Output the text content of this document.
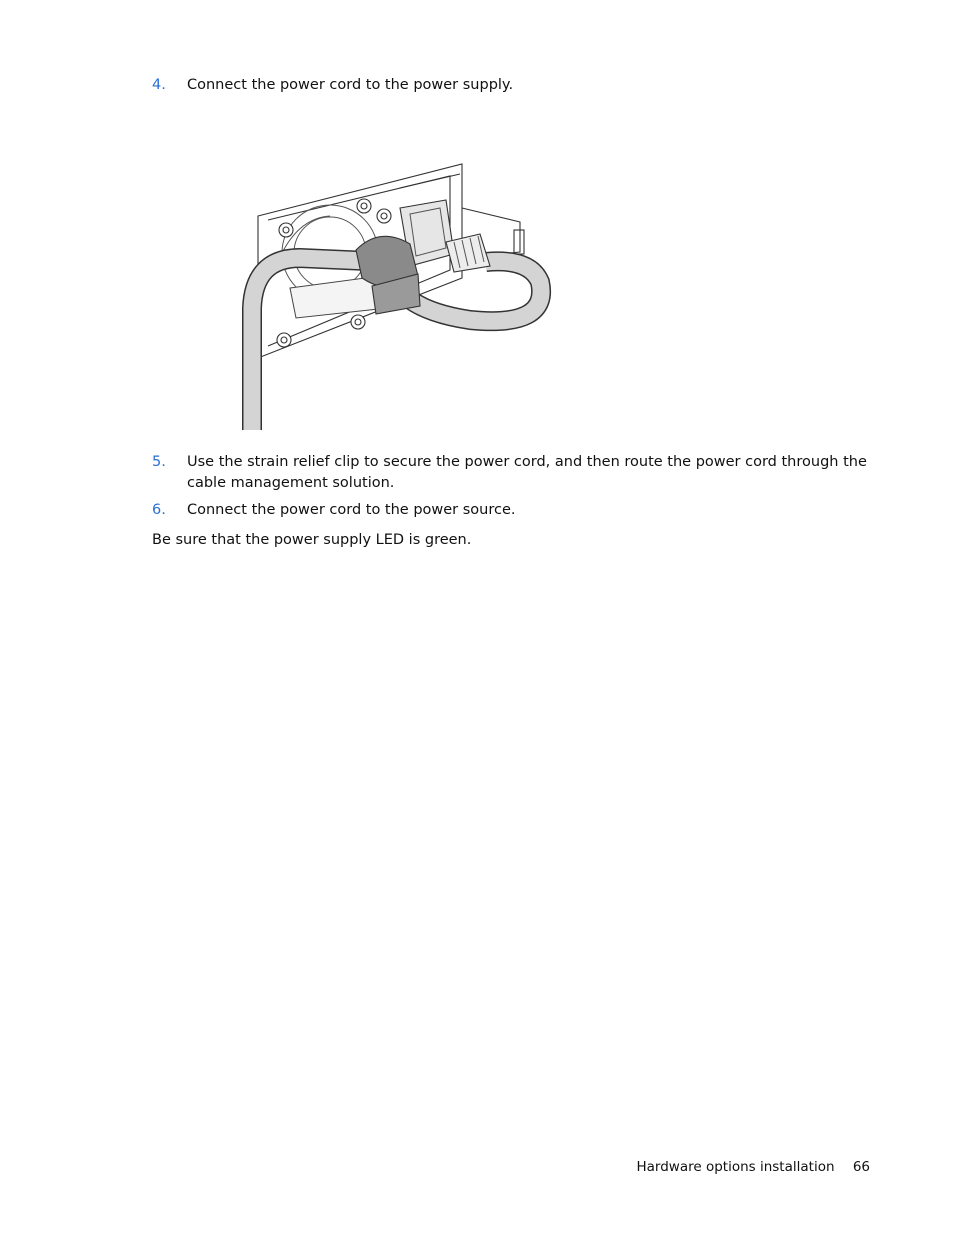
4. Connect the power cord to the power supply.
5. Use the strain relief clip to secure the power cord, and then route the power cord through the cable management solution.
6. Connect the power cord to the power source.
Be sure that the power supply LED is green.
Hardware options installation 66
